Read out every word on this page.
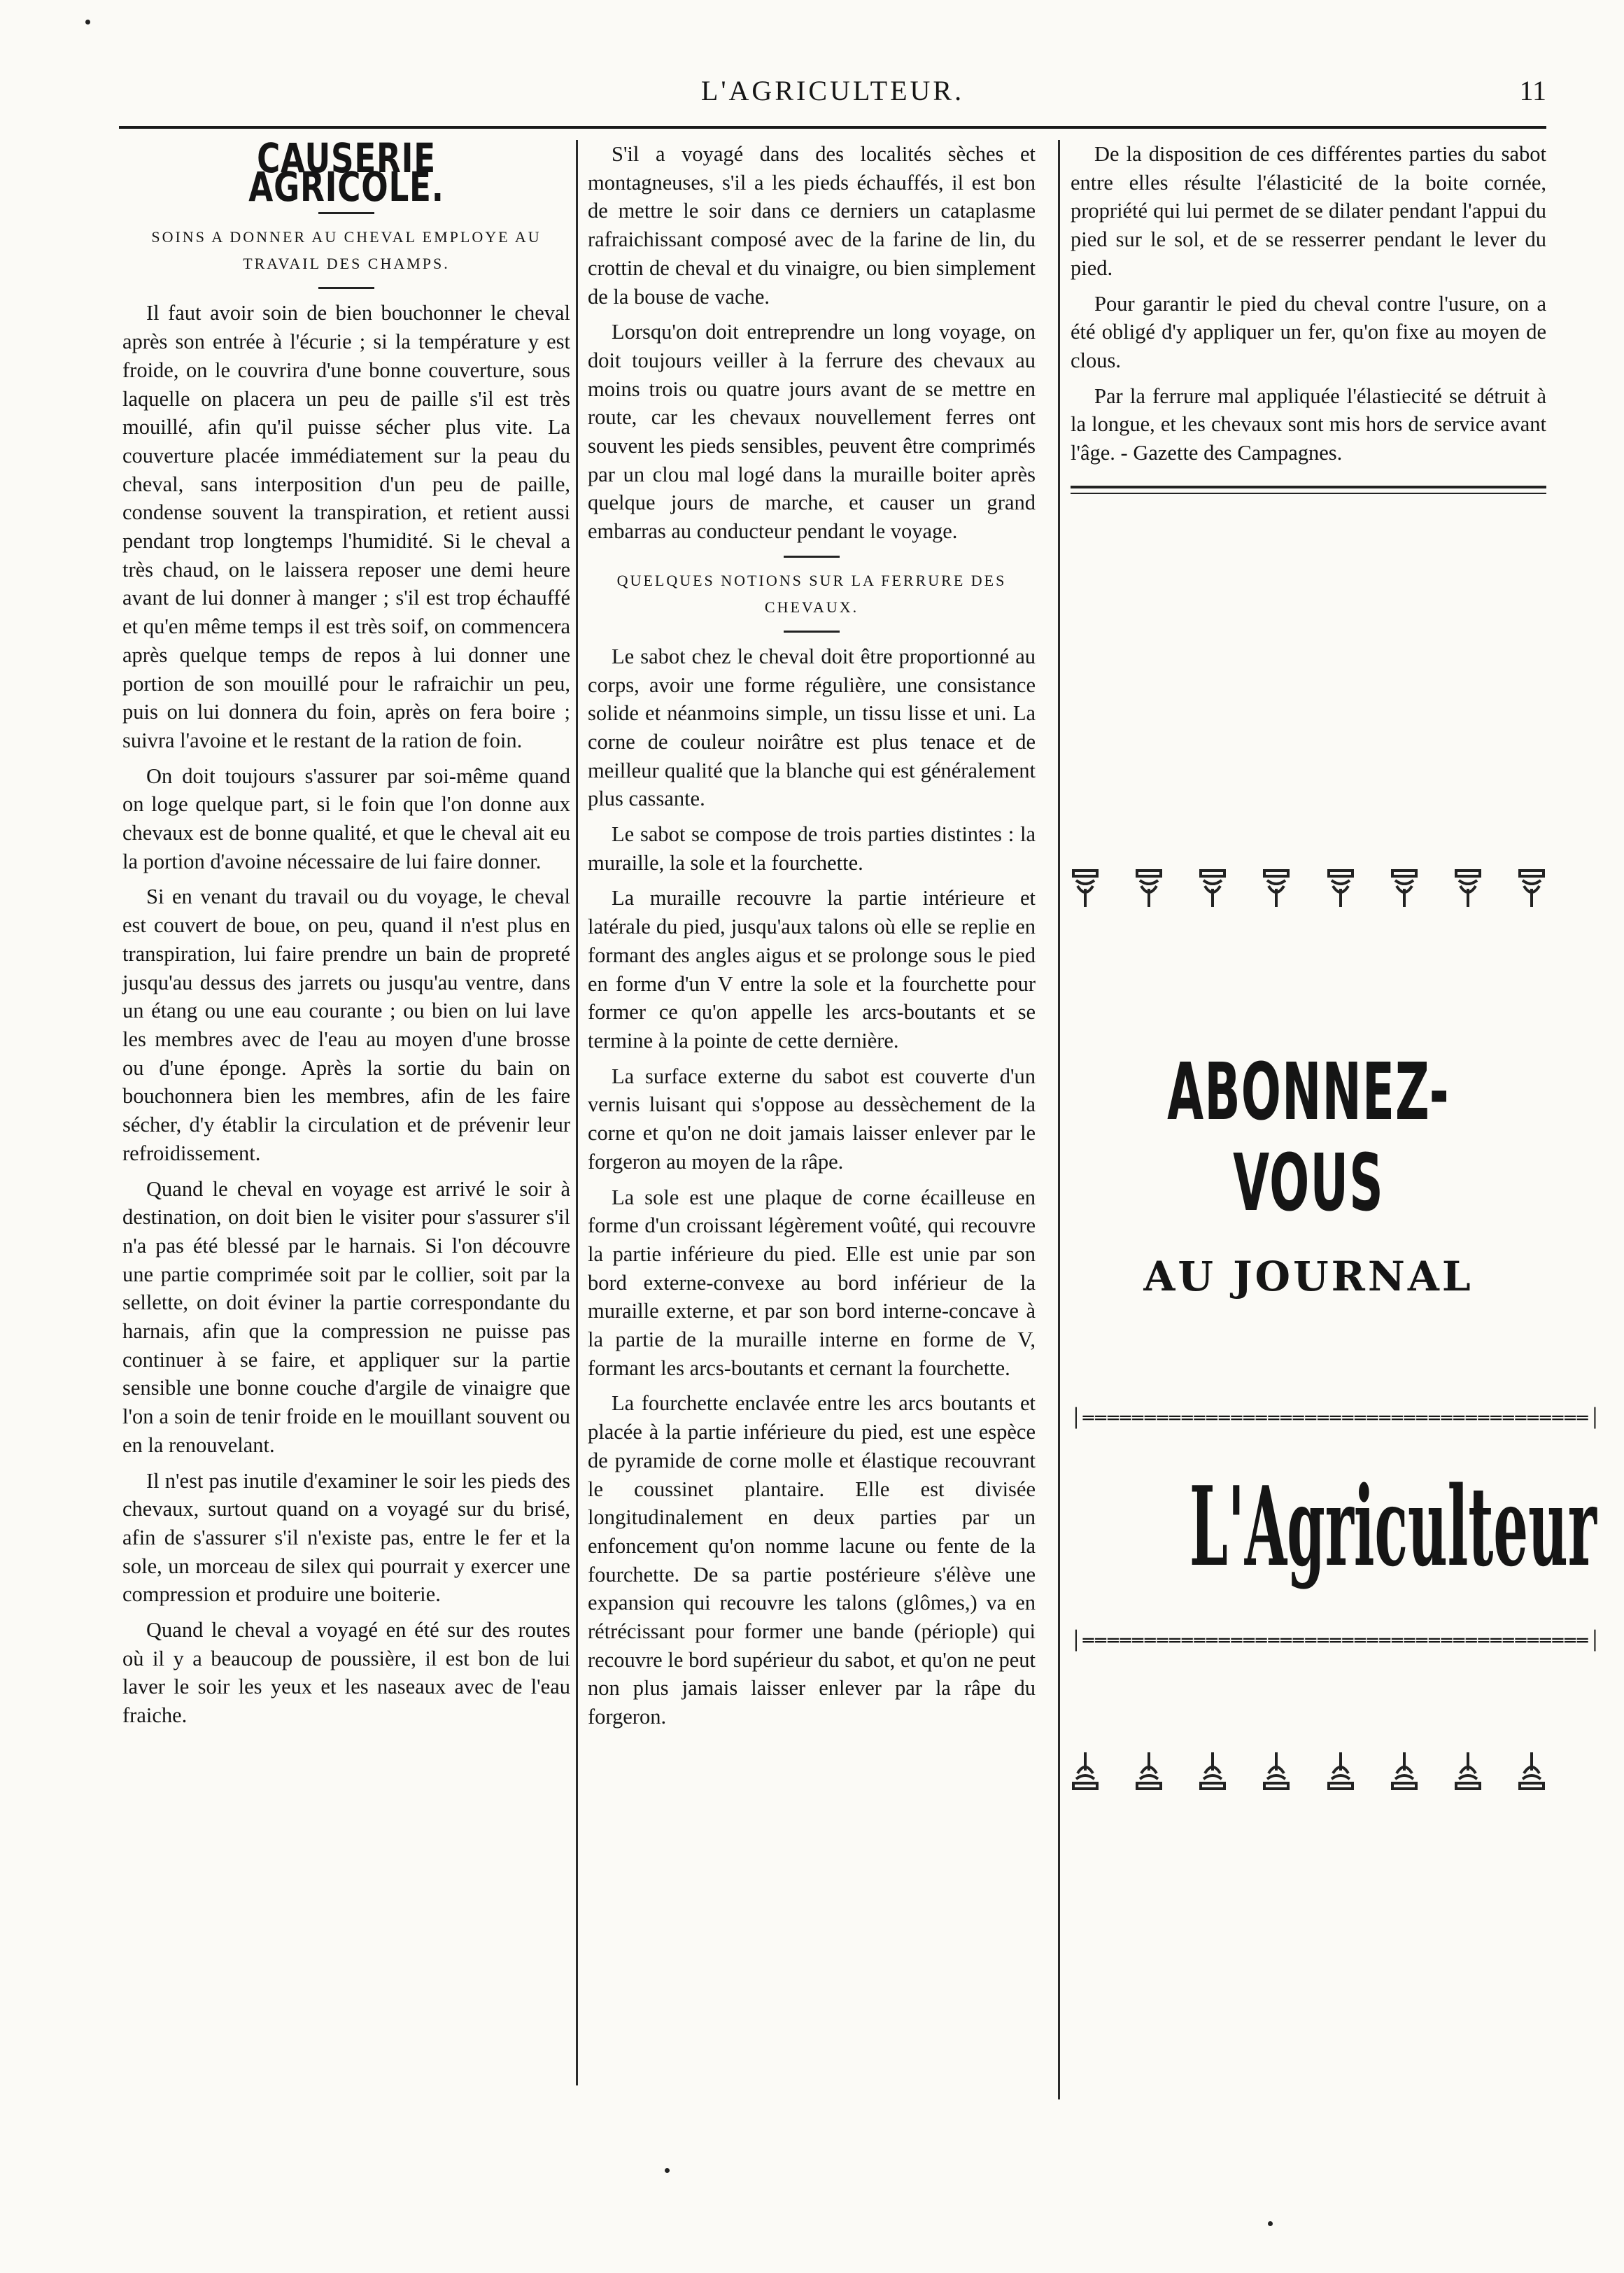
L'AGRICULTEUR.	11
CAUSERIE AGRICOLE.
SOINS A DONNER AU CHEVAL EMPLOYE AU TRAVAIL DES CHAMPS.

Il faut avoir soin de bien bouchonner le cheval après son entrée à l'écurie ; si la température y est froide, on le couvrira d'une bonne couverture, sous laquelle on placera un peu de paille s'il est très mouillé, afin qu'il puisse sécher plus vite. La couverture placée immédiatement sur la peau du cheval, sans interposition d'un peu de paille, condense souvent la transpiration, et retient aussi pendant trop longtemps l'humidité. Si le cheval a très chaud, on le laissera reposer une demi heure avant de lui donner à manger ; s'il est trop échauffé et qu'en même temps il est très soif, on commencera après quelque temps de repos à lui donner une portion de son mouillé pour le rafraichir un peu, puis on lui donnera du foin, après on fera boire ; suivra l'avoine et le restant de la ration de foin.

On doit toujours s'assurer par soi-même quand on loge quelque part, si le foin que l'on donne aux chevaux est de bonne qualité, et que le cheval ait eu la portion d'avoine nécessaire de lui faire donner.

Si en venant du travail ou du voyage, le cheval est couvert de boue, on peu, quand il n'est plus en transpiration, lui faire prendre un bain de propreté jusqu'au dessus des jarrets ou jusqu'au ventre, dans un étang ou une eau courante ; ou bien on lui lave les membres avec de l'eau au moyen d'une brosse ou d'une éponge. Après la sortie du bain on bouchonnera bien les membres, afin de les faire sécher, d'y établir la circulation et de prévenir leur refroidissement.

Quand le cheval en voyage est arrivé le soir à destination, on doit bien le visiter pour s'assurer s'il n'a pas été blessé par le harnais. Si l'on découvre une partie comprimée soit par le collier, soit par la sellette, on doit éviner la partie correspondante du harnais, afin que la compression ne puisse pas continuer à se faire, et appliquer sur la partie sensible une bonne couche d'argile de vinaigre que l'on a soin de tenir froide en le mouillant souvent ou en la renouvelant.

Il n'est pas inutile d'examiner le soir les pieds des chevaux, surtout quand on a voyagé sur du brisé, afin de s'assurer s'il n'existe pas, entre le fer et la sole, un morceau de silex qui pourrait y exercer une compression et produire une boiterie.

Quand le cheval a voyagé en été sur des routes où il y a beaucoup de poussière, il est bon de lui laver le soir les yeux et les naseaux avec de l'eau fraiche.

S'il a voyagé dans des localités sèches et montagneuses, s'il a les pieds échauffés, il est bon de mettre le soir dans ce derniers un cataplasme rafraichissant composé avec de la farine de lin, du crottin de cheval et du vinaigre, ou bien simplement de la bouse de vache.

Lorsqu'on doit entreprendre un long voyage, on doit toujours veiller à la ferrure des chevaux au moins trois ou quatre jours avant de se mettre en route, car les chevaux nouvellement ferres ont souvent les pieds sensibles, peuvent être comprimés par un clou mal logé dans la muraille boiter après quelque jours de marche, et causer un grand embarras au conducteur pendant le voyage.

QUELQUES NOTIONS SUR LA FERRURE DES CHEVAUX.

Le sabot chez le cheval doit être proportionné au corps, avoir une forme régulière, une consistance solide et néanmoins simple, un tissu lisse et uni. La corne de couleur noirâtre est plus tenace et de meilleur qualité que la blanche qui est généralement plus cassante.

Le sabot se compose de trois parties distintes : la muraille, la sole et la fourchette.

La muraille recouvre la partie intérieure et latérale du pied, jusqu'aux talons où elle se replie en formant des angles aigus et se prolonge sous le pied en forme d'un V entre la sole et la fourchette pour former ce qu'on appelle les arcs-boutants et se termine à la pointe de cette dernière.

La surface externe du sabot est couverte d'un vernis luisant qui s'oppose au dessèchement de la corne et qu'on ne doit jamais laisser enlever par le forgeron au moyen de la râpe.

La sole est une plaque de corne écailleuse en forme d'un croissant légèrement voûté, qui recouvre la partie inférieure du pied. Elle est unie par son bord externe-convexe au bord inférieur de la muraille externe, et par son bord interne-concave à la partie de la muraille interne en forme de V, formant les arcs-boutants et cernant la fourchette.

La fourchette enclavée entre les arcs boutants et placée à la partie inférieure du pied, est une espèce de pyramide de corne molle et élastique recouvrant le coussinet plantaire. Elle est divisée longitudinalement en deux parties par un enfoncement qu'on nomme lacune ou fente de la fourchette. De sa partie postérieure s'élève une expansion qui recouvre les talons (glômes,) va en rétrécissant pour former une bande (périople) qui recouvre le bord supérieur du sabot, et qu'on ne peut non plus jamais laisser enlever par la râpe du forgeron.

De la disposition de ces différentes parties du sabot entre elles résulte l'élasticité de la boite cornée, propriété qui lui permet de se dilater pendant l'appui du pied sur le sol, et de se resserrer pendant le lever du pied.

Pour garantir le pied du cheval contre l'usure, on a été obligé d'y appliquer un fer, qu'on fixe au moyen de clous.

Par la ferrure mal appliquée l'élastiecité se détruit à la longue, et les chevaux sont mis hors de service avant l'âge. - Gazette des Campagnes.

ABONNEZ-VOUS
AU JOURNAL
│═════════════════════════════════════════│
L'Agriculteur
│═════════════════════════════════════════│
